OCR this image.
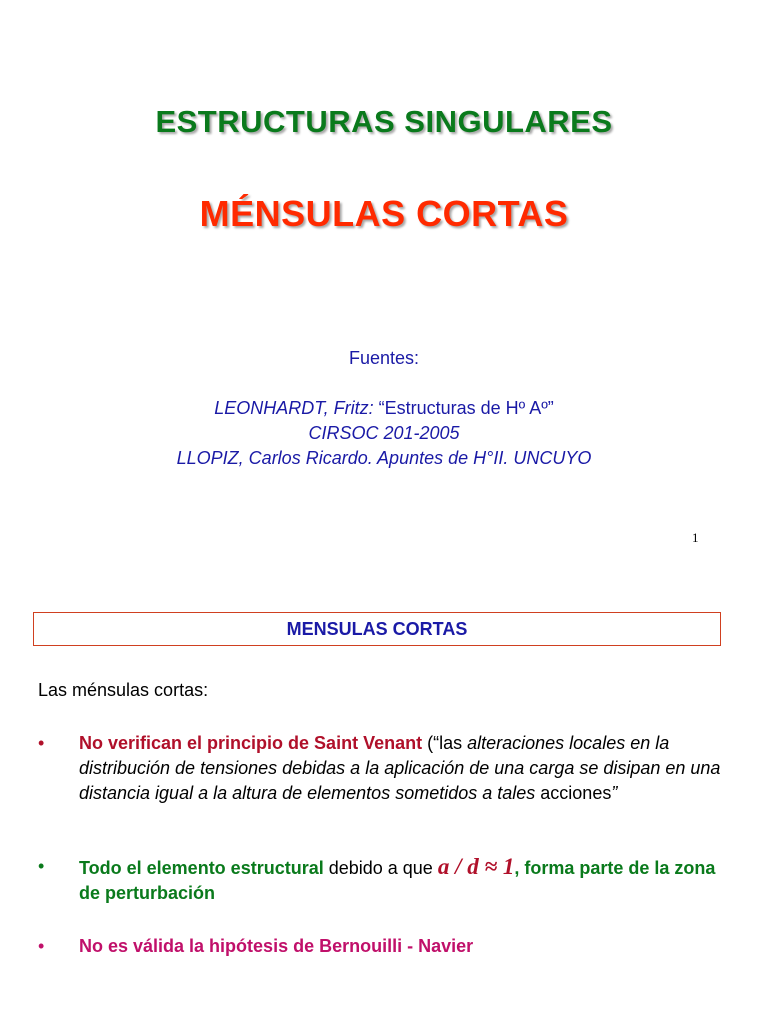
ESTRUCTURAS SINGULARES
MÉNSULAS CORTAS
Fuentes:
LEONHARDT, Fritz: “Estructuras de Hº Aº”
CIRSOC 201-2005
LLOPIZ, Carlos Ricardo. Apuntes de H°II. UNCUYO
1
MENSULAS CORTAS
Las ménsulas cortas:
• No verifican el principio de Saint Venant (“las alteraciones locales en la distribución de tensiones debidas a la aplicación de una carga se disipan en una distancia igual a la altura de elementos sometidos a tales acciones”
• Todo el elemento estructural debido a que a / d ≈ 1, forma parte de la zona de perturbación
• No es válida la hipótesis de Bernouilli - Navier
